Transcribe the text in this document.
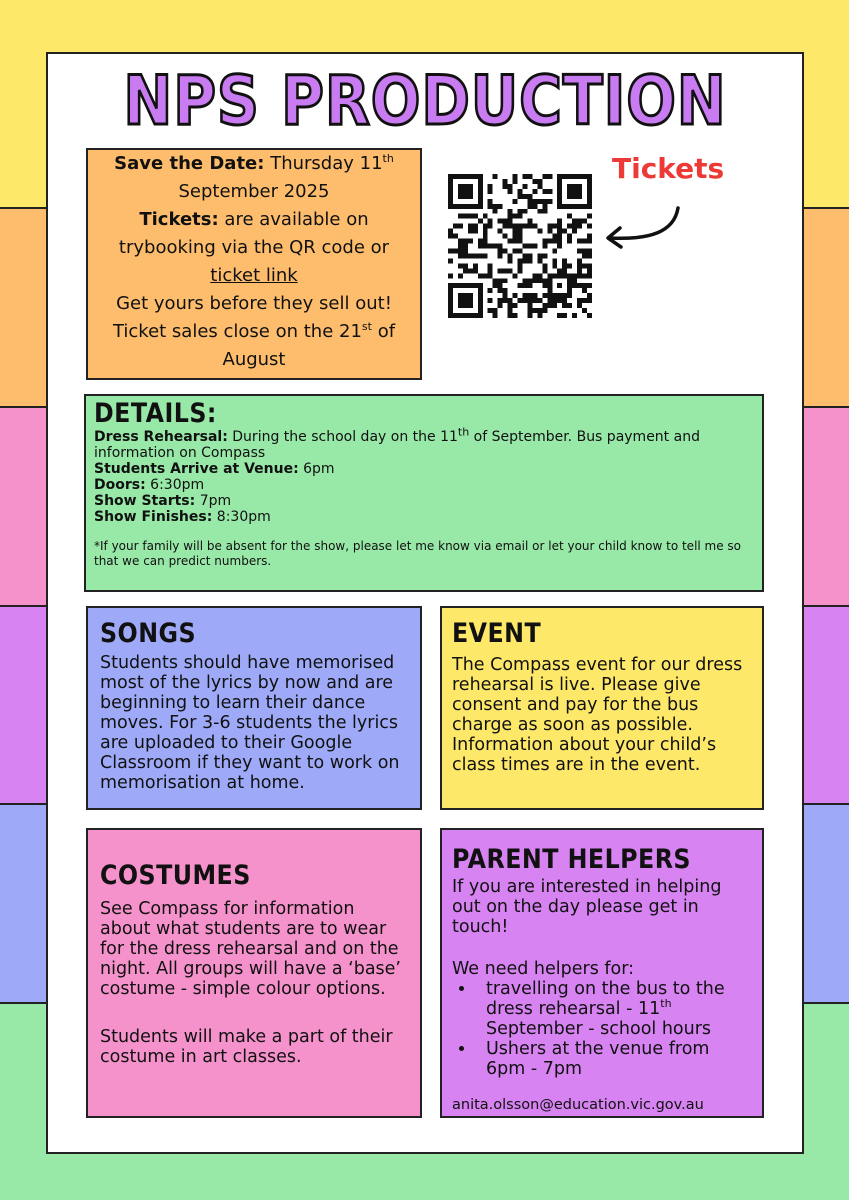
NPS PRODUCTION
Save the Date: Thursday 11th
September 2025
Tickets: are available on
trybooking via the QR code or
ticket link
Get yours before they sell out!
Ticket sales close on the 21st of
August
Tickets
DETAILS:
Dress Rehearsal: During the school day on the 11th of September. Bus payment and information on Compass
Students Arrive at Venue: 6pm
Doors: 6:30pm
Show Starts: 7pm
Show Finishes: 8:30pm
*If your family will be absent for the show, please let me know via email or let your child know to tell me so that we can predict numbers.
SONGS
Students should have memorised most of the lyrics by now and are beginning to learn their dance moves. For 3-6 students the lyrics are uploaded to their Google Classroom if they want to work on memorisation at home.
EVENT
The Compass event for our dress rehearsal is live. Please give consent and pay for the bus charge as soon as possible. Information about your child’s class times are in the event.
COSTUMES
See Compass for information about what students are to wear for the dress rehearsal and on the night. All groups will have a ‘base’ costume - simple colour options.
Students will make a part of their costume in art classes.
PARENT HELPERS
If you are interested in helping out on the day please get in touch!
We need helpers for:
• travelling on the bus to the dress rehearsal - 11th September - school hours
• Ushers at the venue from 6pm - 7pm
anita.olsson@education.vic.gov.au
